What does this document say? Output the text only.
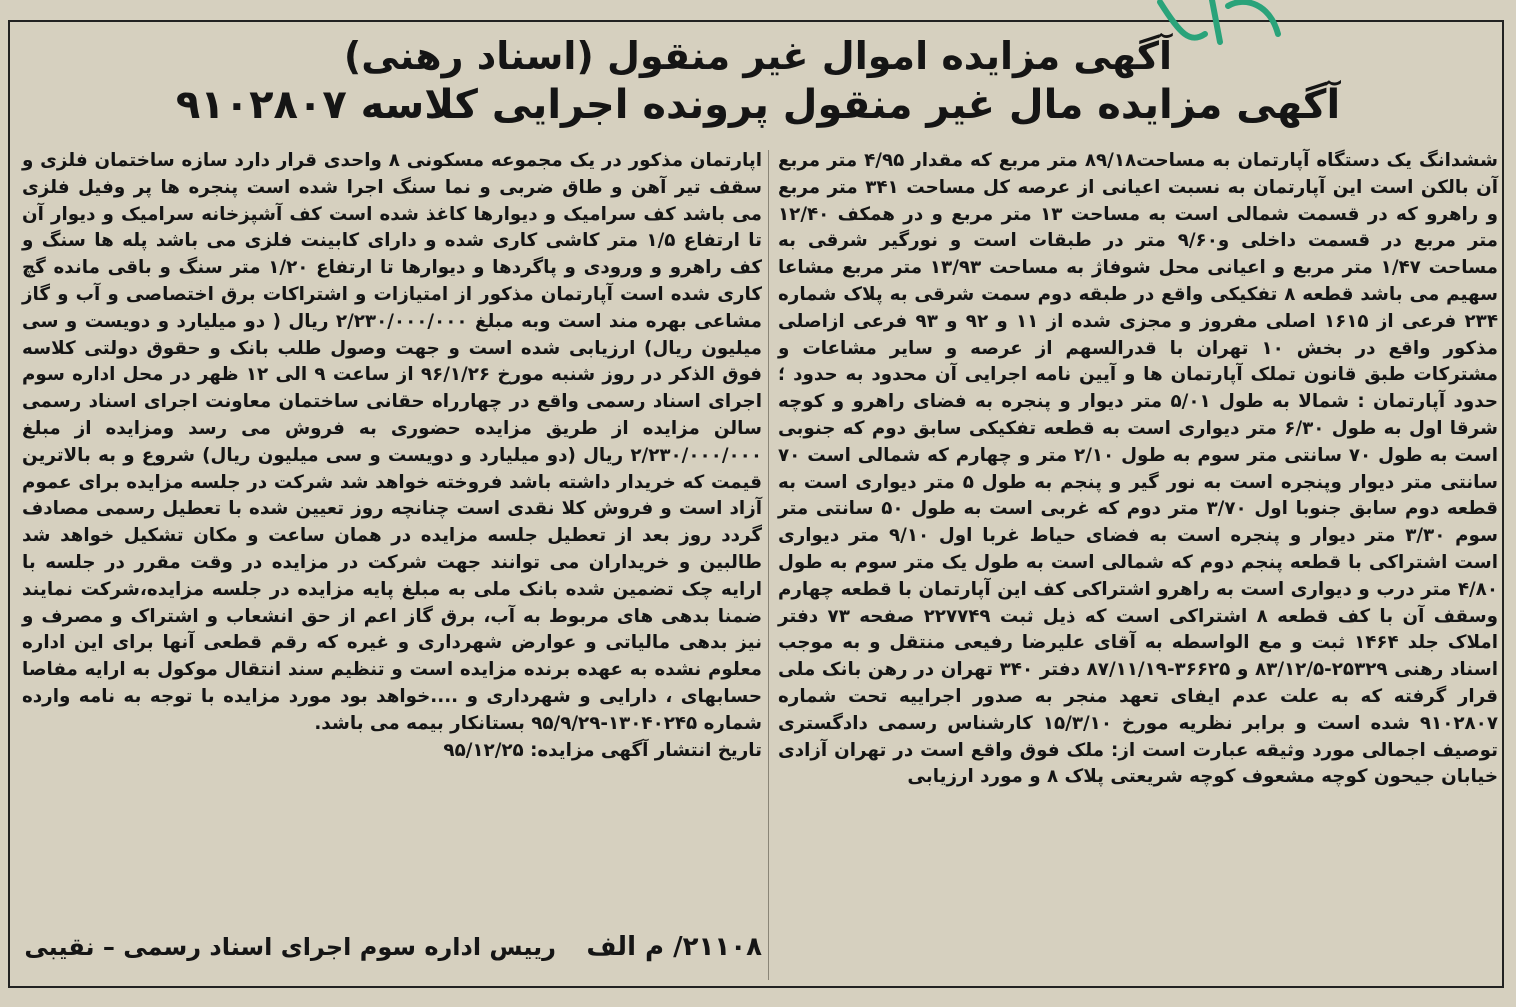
آگهی مزایده اموال غیر منقول (اسناد رهنی)
آگهی مزایده مال غیر منقول پرونده اجرایی کلاسه ۹۱۰۲۸۰۷
ششدانگ یک دستگاه آپارتمان به مساحت۸۹/۱۸ متر مربع که مقدار ۴/۹۵ متر مربع آن بالکن است این آپارتمان به نسبت اعیانی از عرصه کل مساحت ۳۴۱ متر مربع و راهرو که در قسمت شمالی است به مساحت ۱۳ متر مربع و در همکف ۱۲/۴۰ متر مربع در قسمت داخلی و۹/۶۰ متر در طبقات است و نورگیر شرقی به مساحت ۱/۴۷ متر مربع و اعیانی محل شوفاژ به مساحت ۱۳/۹۳ متر مربع مشاعا سهیم می باشد قطعه ۸ تفکیکی واقع در طبقه دوم سمت شرقی به پلاک شماره ۲۳۴ فرعی از ۱۶۱۵ اصلی مفروز و مجزی شده از ۱۱ و ۹۲ و ۹۳ فرعی ازاصلی مذکور واقع در بخش ۱۰ تهران با قدرالسهم از عرصه و سایر مشاعات و مشترکات طبق قانون تملک آپارتمان ها و آیین نامه اجرایی آن محدود به حدود ؛ حدود آپارتمان : شمالا به طول ۵/۰۱ متر دیوار و پنجره به فضای راهرو و کوچه شرقا اول به طول ۶/۳۰ متر دیواری است به قطعه تفکیکی سابق دوم که جنوبی است به طول ۷۰ سانتی متر سوم به طول ۲/۱۰ متر و چهارم که شمالی است ۷۰ سانتی متر دیوار وپنجره است به نور گیر و پنجم به طول ۵ متر دیواری است به قطعه دوم سابق جنوبا اول ۳/۷۰ متر دوم که غربی است به طول ۵۰ سانتی متر سوم ۳/۳۰ متر دیوار و پنجره است به فضای حیاط غربا اول ۹/۱۰ متر دیواری است اشتراکی با قطعه پنجم دوم که شمالی است به طول یک متر سوم به طول ۴/۸۰ متر درب و دیواری است به راهرو اشتراکی کف این آپارتمان با قطعه چهارم وسقف آن با کف قطعه ۸ اشتراکی است که ذیل ثبت ۲۲۷۷۴۹ صفحه ۷۳ دفتر املاک جلد ۱۴۶۴ ثبت و مع الواسطه به آقای علیرضا رفیعی منتقل و به موجب اسناد رهنی ۲۵۳۲۹-۸۳/۱۲/۵ و ۳۶۶۲۵-۸۷/۱۱/۱۹ دفتر ۳۴۰ تهران در رهن بانک ملی قرار گرفته که به علت عدم ایفای تعهد منجر به صدور اجراییه تحت شماره ۹۱۰۲۸۰۷ شده است و برابر نظریه مورخ ۱۵/۳/۱۰ کارشناس رسمی دادگستری توصیف اجمالی مورد وثیقه عبارت است از: ملک فوق واقع است در تهران آزادی خیابان جیحون کوچه مشعوف کوچه شریعتی پلاک ۸ و مورد ارزیابی
اپارتمان مذکور در یک مجموعه مسکونی ۸ واحدی قرار دارد سازه ساختمان فلزی و سقف تیر آهن و طاق ضربی و نما سنگ اجرا شده است پنجره ها پر وفیل فلزی می باشد کف سرامیک و دیوارها کاغذ شده است کف آشپزخانه سرامیک و دیوار آن تا ارتفاع ۱/۵ متر کاشی کاری شده و دارای کابینت فلزی می باشد پله ها سنگ و کف راهرو و ورودی و پاگردها و دیوارها تا ارتفاع ۱/۲۰ متر سنگ و باقی مانده گچ کاری شده است آپارتمان مذکور از امتیازات و اشتراکات برق اختصاصی و آب و گاز مشاعی بهره مند است وبه مبلغ ۲/۲۳۰/۰۰۰/۰۰۰ ریال ( دو میلیارد و دویست و سی میلیون ریال) ارزیابی شده است و جهت وصول طلب بانک و حقوق دولتی کلاسه فوق الذکر در روز شنبه مورخ ۹۶/۱/۲۶ از ساعت ۹ الی ۱۲ ظهر در محل اداره سوم اجرای اسناد رسمی واقع در چهارراه حقانی ساختمان معاونت اجرای اسناد رسمی سالن مزایده از طریق مزایده حضوری به فروش می رسد ومزایده از مبلغ ۲/۲۳۰/۰۰۰/۰۰۰ ریال (دو میلیارد و دویست و سی میلیون ریال) شروع و به بالاترین قیمت که خریدار داشته باشد فروخته خواهد شد شرکت در جلسه مزایده برای عموم آزاد است و فروش کلا نقدی است چنانچه روز تعیین شده با تعطیل رسمی مصادف گردد روز بعد از تعطیل جلسه مزایده در همان ساعت و مکان تشکیل خواهد شد طالبین و خریداران می توانند جهت شرکت در مزایده در وقت مقرر در جلسه با ارایه چک تضمین شده بانک ملی به مبلغ پایه مزایده در جلسه مزایده،شرکت نمایند ضمنا بدهی های مربوط به آب، برق گاز اعم از حق انشعاب و اشتراک و مصرف و نیز بدهی مالیاتی و عوارض شهرداری و غیره که رقم قطعی آنها برای این اداره معلوم نشده به عهده برنده مزایده است و تنظیم سند انتقال موکول به ارایه مفاصا حسابهای ، دارایی و شهرداری و ....خواهد بود مورد مزایده با توجه به نامه وارده شماره ۱۳۰۴۰۲۴۵-۹۵/۹/۲۹ بستانکار بیمه می باشد.
تاریخ انتشار آگهی مزایده: ۹۵/۱۲/۲۵
۲۱۱۰۸/ م الف رییس اداره سوم اجرای اسناد رسمی – نقیبی
